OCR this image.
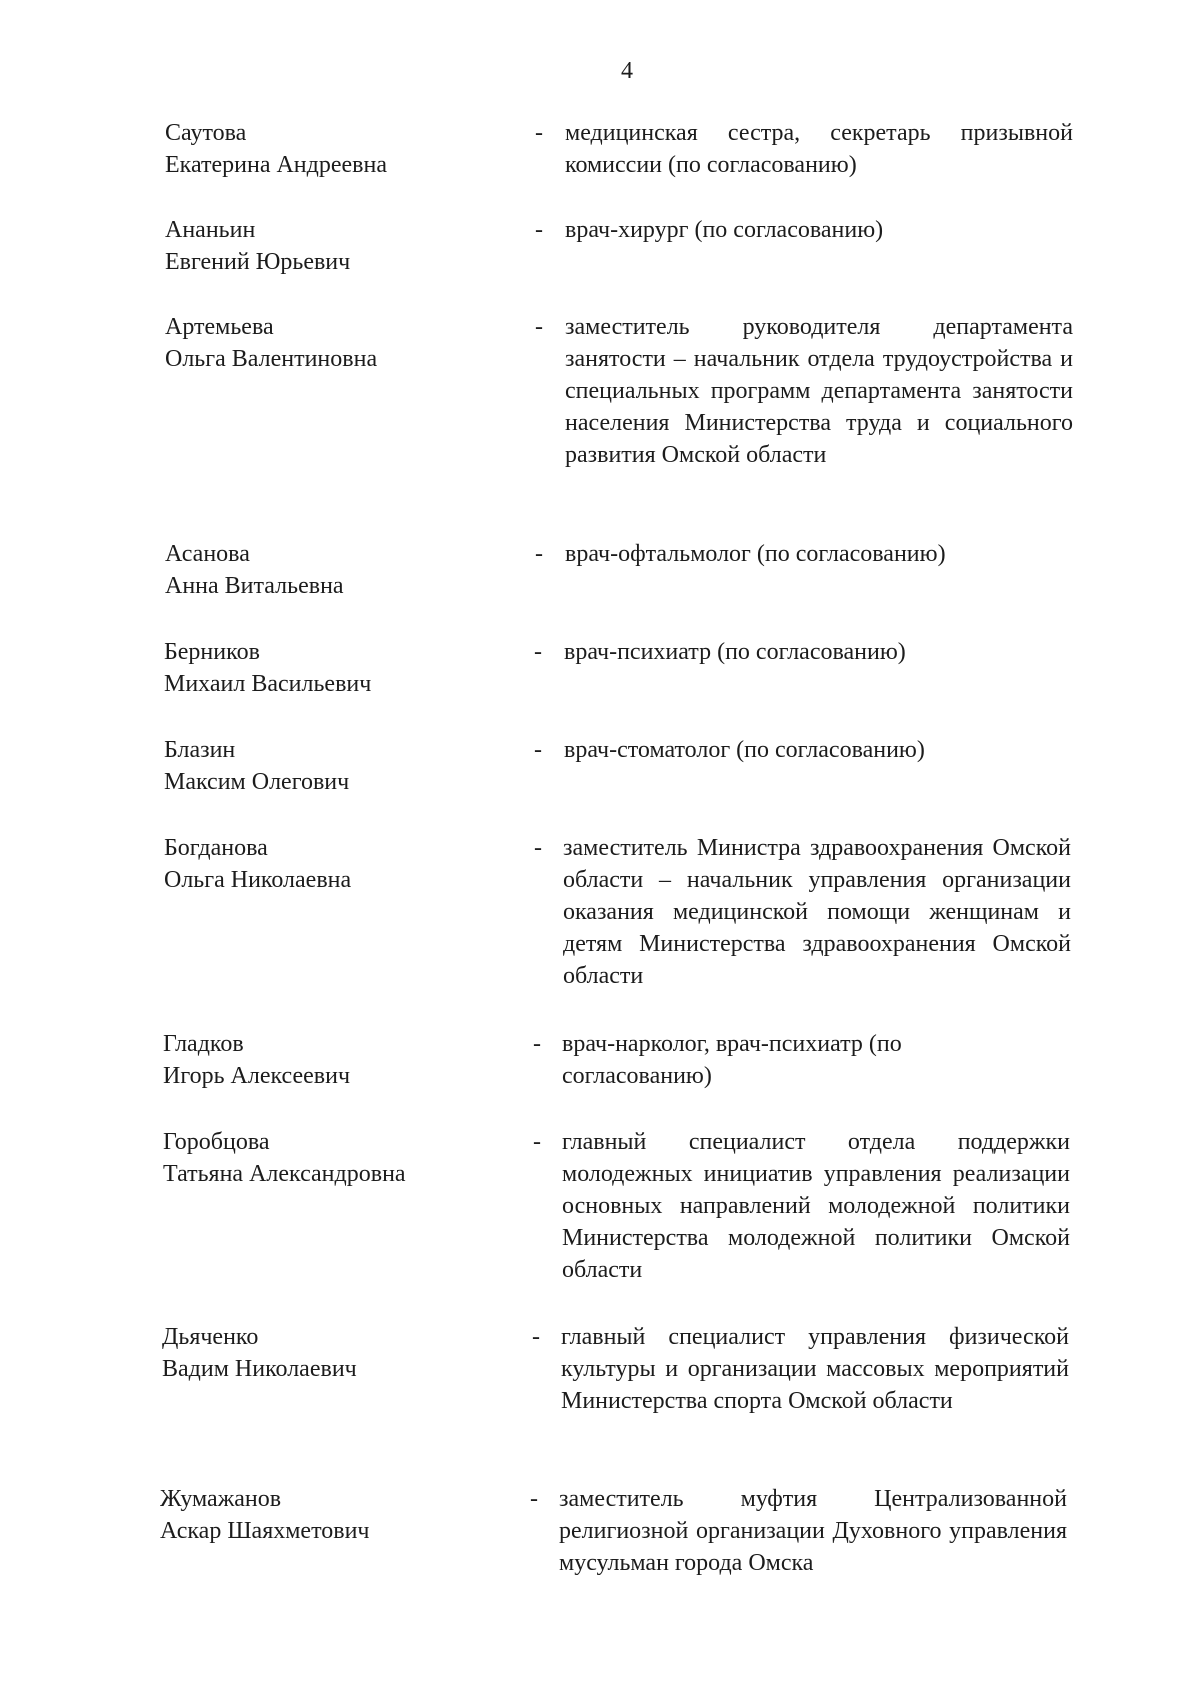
4
Саутова
Екатерина Андреевна
- медицинская сестра, секретарь призывной комиссии (по согласованию)
Ананьин
Евгений Юрьевич
- врач-хирург (по согласованию)
Артемьева
Ольга Валентиновна
- заместитель руководителя департамента занятости – начальник отдела трудоустройства и специальных программ департамента занятости населения Министерства труда и социального развития Омской области
Асанова
Анна Витальевна
- врач-офтальмолог (по согласованию)
Берников
Михаил Васильевич
- врач-психиатр (по согласованию)
Блазин
Максим Олегович
- врач-стоматолог (по согласованию)
Богданова
Ольга Николаевна
- заместитель Министра здравоохранения Омской области – начальник управления организации оказания медицинской помощи женщинам и детям Министерства здравоохранения Омской области
Гладков
Игорь Алексеевич
- врач-нарколог, врач-психиатр (по согласованию)
Горобцова
Татьяна Александровна
- главный специалист отдела поддержки молодежных инициатив управления реализации основных направлений молодежной политики Министерства молодежной политики Омской области
Дьяченко
Вадим Николаевич
- главный специалист управления физической культуры и организации массовых мероприятий Министерства спорта Омской области
Жумажанов
Аскар Шаяхметович
- заместитель муфтия Централизованной религиозной организации Духовного управления мусульман города Омска
